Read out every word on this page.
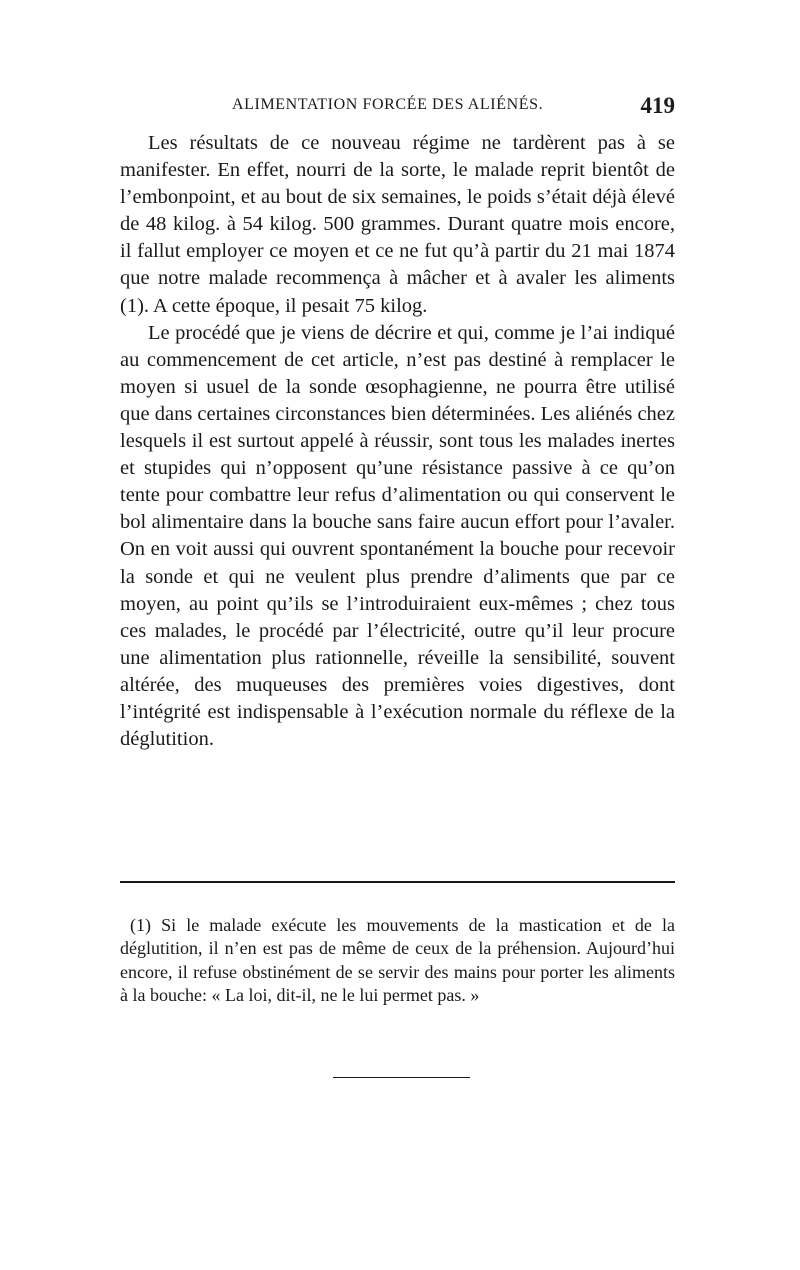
ALIMENTATION FORCÉE DES ALIÉNÉS.	419

Les résultats de ce nouveau régime ne tardèrent pas à se manifester. En effet, nourri de la sorte, le malade reprit bientôt de l’embonpoint, et au bout de six semaines, le poids s’était déjà élevé de 48 kilog. à 54 kilog. 500 grammes. Durant quatre mois encore, il fallut employer ce moyen et ce ne fut qu’à partir du 21 mai 1874 que notre malade recommença à mâcher et à avaler les aliments (1). A cette époque, il pesait 75 kilog.

Le procédé que je viens de décrire et qui, comme je l’ai indiqué au commencement de cet article, n’est pas destiné à remplacer le moyen si usuel de la sonde œsophagienne, ne pourra être utilisé que dans certaines circonstances bien déterminées. Les aliénés chez lesquels il est surtout appelé à réussir, sont tous les malades inertes et stupides qui n’opposent qu’une résistance passive à ce qu’on tente pour combattre leur refus d’alimentation ou qui conservent le bol alimentaire dans la bouche sans faire aucun effort pour l’avaler. On en voit aussi qui ouvrent spontanément la bouche pour recevoir la sonde et qui ne veulent plus prendre d’aliments que par ce moyen, au point qu’ils se l’introduiraient eux-mêmes ; chez tous ces malades, le procédé par l’électricité, outre qu’il leur procure une alimentation plus rationnelle, réveille la sensibilité, souvent altérée, des muqueuses des premières voies digestives, dont l’intégrité est indispensable à l’exécution normale du réflexe de la déglutition.

(1) Si le malade exécute les mouvements de la mastication et de la déglutition, il n’en est pas de même de ceux de la préhension. Aujourd’hui encore, il refuse obstinément de se servir des mains pour porter les aliments à la bouche: « La loi, dit-il, ne le lui permet pas. »
